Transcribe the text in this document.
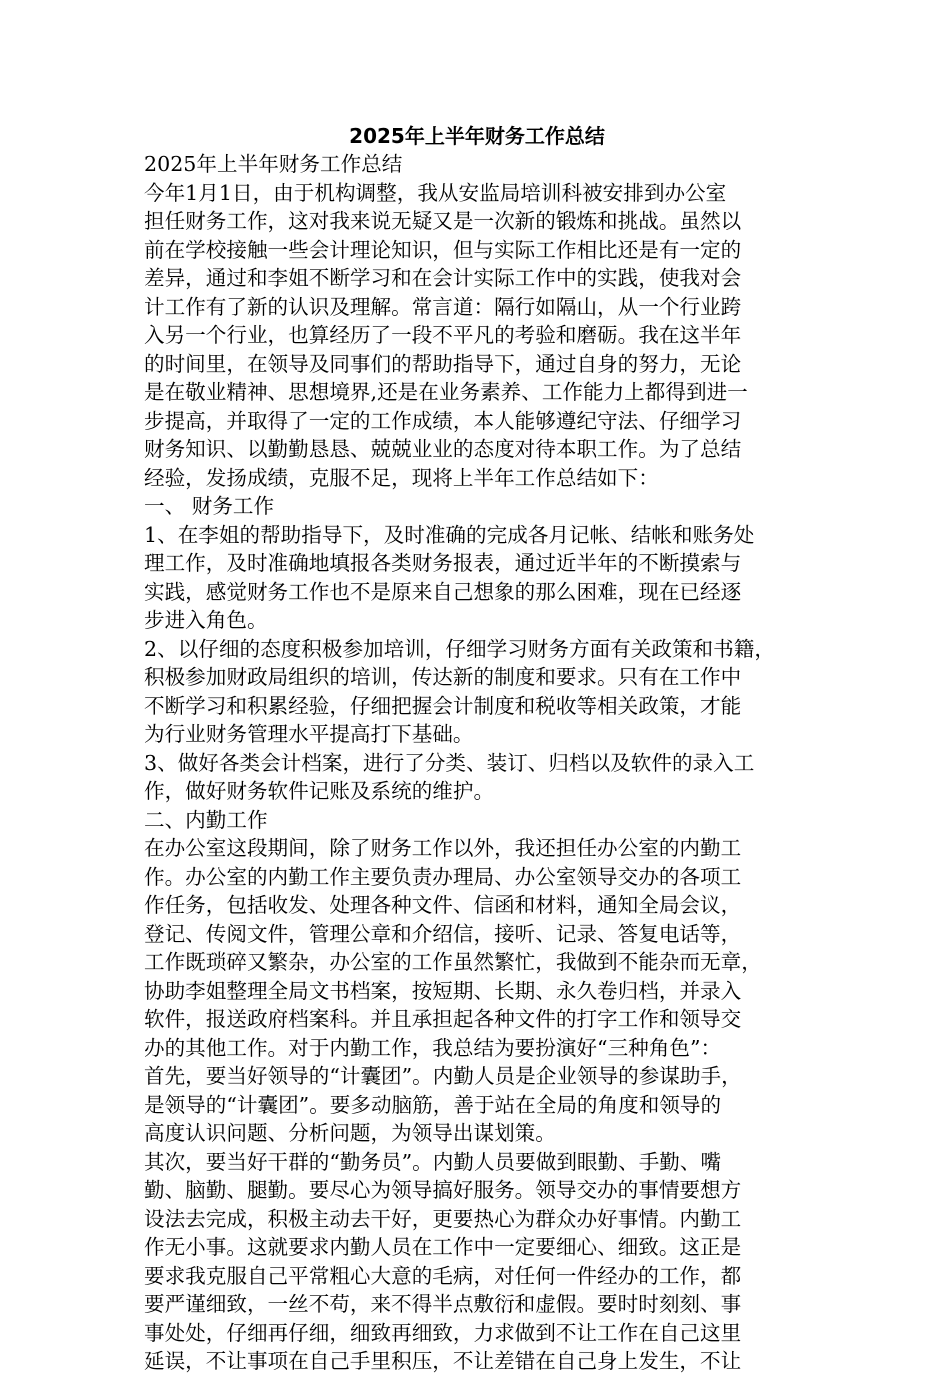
2025年上半年财务工作总结

2025年上半年财务工作总结

今年1月1日，由于机构调整，我从安监局培训科被安排到办公室

担任财务工作，这对我来说无疑又是一次新的锻炼和挑战。虽然以

前在学校接触一些会计理论知识，但与实际工作相比还是有一定的

差异，通过和李姐不断学习和在会计实际工作中的实践，使我对会

计工作有了新的认识及理解。常言道：隔行如隔山，从一个行业跨

入另一个行业，也算经历了一段不平凡的考验和磨砺。我在这半年

的时间里，在领导及同事们的帮助指导下，通过自身的努力，无论

是在敬业精神、思想境界,还是在业务素养、工作能力上都得到进一

步提高，并取得了一定的工作成绩，本人能够遵纪守法、仔细学习

财务知识、以勤勤恳恳、兢兢业业的态度对待本职工作。为了总结

经验，发扬成绩，克服不足，现将上半年工作总结如下：

一、 财务工作

1、在李姐的帮助指导下，及时准确的完成各月记帐、结帐和账务处

理工作，及时准确地填报各类财务报表，通过近半年的不断摸索与

实践，感觉财务工作也不是原来自己想象的那么困难，现在已经逐

步进入角色。

2、以仔细的态度积极参加培训，仔细学习财务方面有关政策和书籍，

积极参加财政局组织的培训，传达新的制度和要求。只有在工作中

不断学习和积累经验，仔细把握会计制度和税收等相关政策，才能

为行业财务管理水平提高打下基础。

3、做好各类会计档案，进行了分类、装订、归档以及软件的录入工

作，做好财务软件记账及系统的维护。

二、内勤工作

在办公室这段期间，除了财务工作以外，我还担任办公室的内勤工

作。办公室的内勤工作主要负责办理局、办公室领导交办的各项工

作任务，包括收发、处理各种文件、信函和材料，通知全局会议，

登记、传阅文件，管理公章和介绍信，接听、记录、答复电话等，

工作既琐碎又繁杂，办公室的工作虽然繁忙，我做到不能杂而无章，

协助李姐整理全局文书档案，按短期、长期、永久卷归档，并录入

软件，报送政府档案科。并且承担起各种文件的打字工作和领导交

办的其他工作。对于内勤工作，我总结为要扮演好“三种角色”：

首先，要当好领导的“计囊团”。内勤人员是企业领导的参谋助手，

是领导的“计囊团”。要多动脑筋，善于站在全局的角度和领导的

高度认识问题、分析问题，为领导出谋划策。

其次，要当好干群的“勤务员”。内勤人员要做到眼勤、手勤、嘴

勤、脑勤、腿勤。要尽心为领导搞好服务。领导交办的事情要想方

设法去完成，积极主动去干好，更要热心为群众办好事情。内勤工

作无小事。这就要求内勤人员在工作中一定要细心、细致。这正是

要求我克服自己平常粗心大意的毛病，对任何一件经办的工作，都

要严谨细致，一丝不苟，来不得半点敷衍和虚假。要时时刻刻、事

事处处，仔细再仔细，细致再细致，力求做到不让工作在自己这里

延误，不让事项在自己手里积压，不让差错在自己身上发生，不让
